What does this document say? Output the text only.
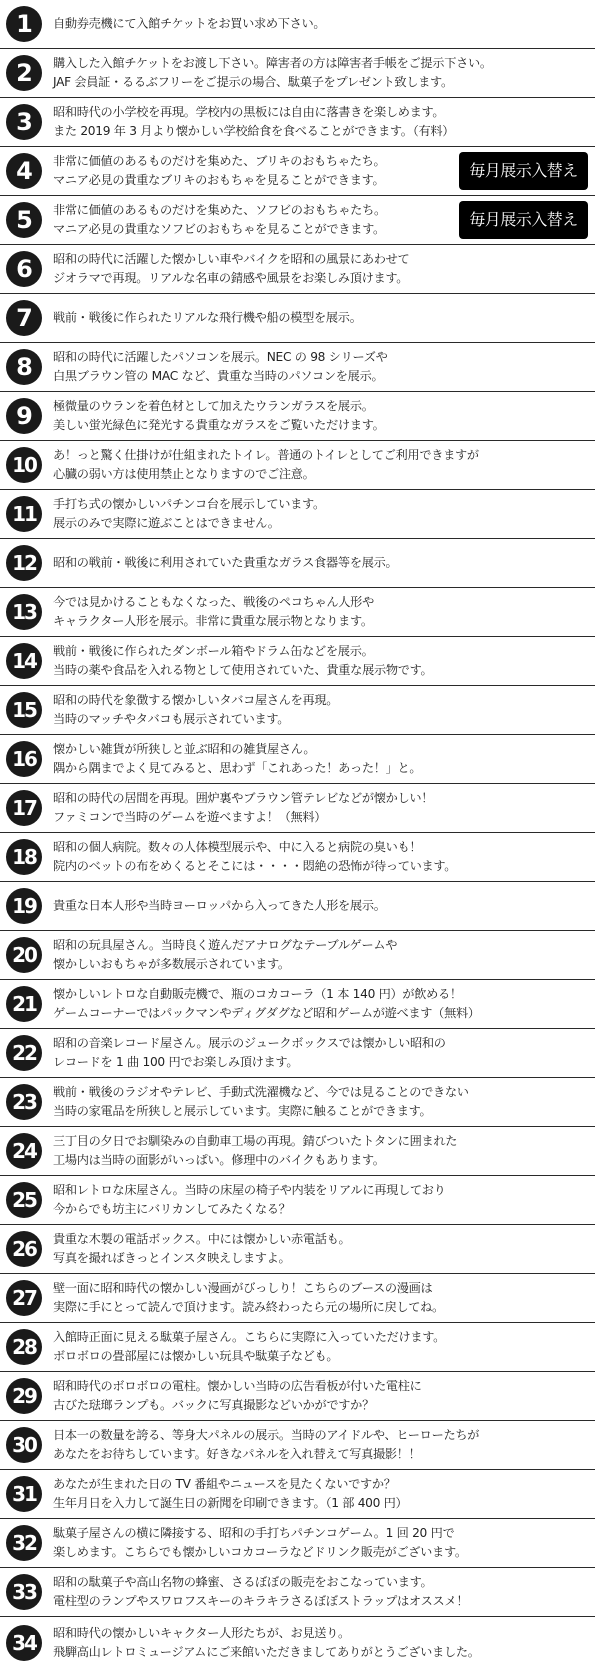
1	自動券売機にて入館チケットをお買い求め下さい。
2	購入した入館チケットをお渡し下さい。障害者の方は障害者手帳をご提示下さい。
JAF 会員証・るるぶフリーをご提示の場合、駄菓子をプレゼント致します。
3	昭和時代の小学校を再現。学校内の黒板には自由に落書きを楽しめます。
また 2019 年 3 月より懐かしい学校給食を食べることができます。（有料）
4	非常に価値のあるものだけを集めた、ブリキのおもちゃたち。
マニア必見の貴重なブリキのおもちゃを見ることができます。	毎月展示入替え
5	非常に価値のあるものだけを集めた、ソフビのおもちゃたち。
マニア必見の貴重なソフビのおもちゃを見ることができます。	毎月展示入替え
6	昭和の時代に活躍した懐かしい車やバイクを昭和の風景にあわせて
ジオラマで再現。リアルな名車の錆感や風景をお楽しみ頂けます。
7	戦前・戦後に作られたリアルな飛行機や船の模型を展示。
8	昭和の時代に活躍したパソコンを展示。NEC の 98 シリーズや
白黒ブラウン管の MAC など、貴重な当時のパソコンを展示。
9	極微量のウランを着色材として加えたウランガラスを展示。
美しい蛍光緑色に発光する貴重なガラスをご覧いただけます。
10	あ！っと驚く仕掛けが仕組まれたトイレ。普通のトイレとしてご利用できますが
心臓の弱い方は使用禁止となりますのでご注意。
11	手打ち式の懐かしいパチンコ台を展示しています。
展示のみで実際に遊ぶことはできません。
12	昭和の戦前・戦後に利用されていた貴重なガラス食器等を展示。
13	今では見かけることもなくなった、戦後のペコちゃん人形や
キャラクター人形を展示。非常に貴重な展示物となります。
14	戦前・戦後に作られたダンボール箱やドラム缶などを展示。
当時の薬や食品を入れる物として使用されていた、貴重な展示物です。
15	昭和の時代を象徴する懐かしいタバコ屋さんを再現。
当時のマッチやタバコも展示されています。
16	懐かしい雑貨が所狭しと並ぶ昭和の雑貨屋さん。
隅から隅までよく見てみると、思わず「これあった！あった！」と。
17	昭和の時代の居間を再現。囲炉裏やブラウン管テレビなどが懐かしい！
ファミコンで当時のゲームを遊べますよ！（無料）
18	昭和の個人病院。数々の人体模型展示や、中に入ると病院の臭いも！
院内のベットの布をめくるとそこには・・・・悶絶の恐怖が待っています。
19	貴重な日本人形や当時ヨーロッパから入ってきた人形を展示。
20	昭和の玩具屋さん。当時良く遊んだアナログなテーブルゲームや
懐かしいおもちゃが多数展示されています。
21	懐かしいレトロな自動販売機で、瓶のコカコーラ（1 本 140 円）が飲める！
ゲームコーナーではパックマンやディグダグなど昭和ゲームが遊べます（無料）
22	昭和の音楽レコード屋さん。展示のジュークボックスでは懐かしい昭和の
レコードを 1 曲 100 円でお楽しみ頂けます。
23	戦前・戦後のラジオやテレビ、手動式洗濯機など、今では見ることのできない
当時の家電品を所狭しと展示しています。実際に触ることができます。
24	三丁目の夕日でお馴染みの自動車工場の再現。錆びついたトタンに囲まれた
工場内は当時の面影がいっぱい。修理中のバイクもあります。
25	昭和レトロな床屋さん。当時の床屋の椅子や内装をリアルに再現しており
今からでも坊主にバリカンしてみたくなる？
26	貴重な木製の電話ボックス。中には懐かしい赤電話も。
写真を撮ればきっとインスタ映えしますよ。
27	壁一面に昭和時代の懐かしい漫画がびっしり！こちらのブースの漫画は
実際に手にとって読んで頂けます。読み終わったら元の場所に戻してね。
28	入館時正面に見える駄菓子屋さん。こちらに実際に入っていただけます。
ボロボロの畳部屋には懐かしい玩具や駄菓子なども。
29	昭和時代のボロボロの電柱。懐かしい当時の広告看板が付いた電柱に
古びた琺瑯ランプも。バックに写真撮影などいかがですか？
30	日本一の数量を誇る、等身大パネルの展示。当時のアイドルや、ヒーローたちが
あなたをお待ちしています。好きなパネルを入れ替えて写真撮影！！
31	あなたが生まれた日の TV 番組やニュースを見たくないですか？
生年月日を入力して誕生日の新聞を印刷できます。（1 部 400 円）
32	駄菓子屋さんの横に隣接する、昭和の手打ちパチンコゲーム。1 回 20 円で
楽しめます。こちらでも懐かしいコカコーラなどドリンク販売がございます。
33	昭和の駄菓子や高山名物の蜂蜜、さるぼぼの販売をおこなっています。
電柱型のランプやスワロフスキーのキラキラさるぼぼストラップはオススメ！
34	昭和時代の懐かしいキャクター人形たちが、お見送り。
飛騨高山レトロミュージアムにご来館いただきましてありがとうございました。
